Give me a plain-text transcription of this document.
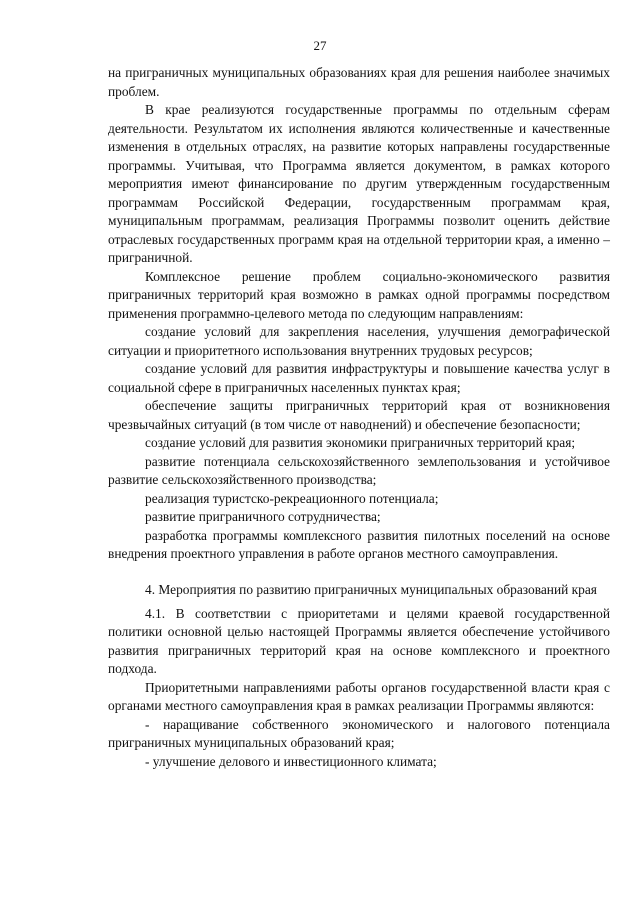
27

на приграничных муниципальных образованиях края для решения наиболее значимых проблем.

В крае реализуются государственные программы по отдельным сферам деятельности. Результатом их исполнения являются количественные и качественные изменения в отдельных отраслях, на развитие которых направлены государственные программы. Учитывая, что Программа является документом, в рамках которого мероприятия имеют финансирование по другим утвержденным государственным программам Российской Федерации, государственным программам края, муниципальным программам, реализация Программы позволит оценить действие отраслевых государственных программ края на отдельной территории края, а именно – приграничной.

Комплексное решение проблем социально-экономического развития приграничных территорий края возможно в рамках одной программы посредством применения программно-целевого метода по следующим направлениям:

создание условий для закрепления населения, улучшения демографической ситуации и приоритетного использования внутренних трудовых ресурсов;

создание условий для развития инфраструктуры и повышение качества услуг в социальной сфере в приграничных населенных пунктах края;

обеспечение защиты приграничных территорий края от возникновения чрезвычайных ситуаций (в том числе от наводнений) и обеспечение безопасности;

создание условий для развития экономики приграничных территорий края;

развитие потенциала сельскохозяйственного землепользования и устойчивое развитие сельскохозяйственного производства;

реализация туристско-рекреационного потенциала;

развитие приграничного сотрудничества;

разработка программы комплексного развития пилотных поселений на основе внедрения проектного управления в работе органов местного самоуправления.

4. Мероприятия по развитию приграничных муниципальных образований края

4.1. В соответствии с приоритетами и целями краевой государственной политики основной целью настоящей Программы является обеспечение устойчивого развития приграничных территорий края на основе комплексного и проектного подхода.

Приоритетными направлениями работы органов государственной власти края с органами местного самоуправления края в рамках реализации Программы являются:

- наращивание собственного экономического и налогового потенциала приграничных муниципальных образований края;

- улучшение делового и инвестиционного климата;
